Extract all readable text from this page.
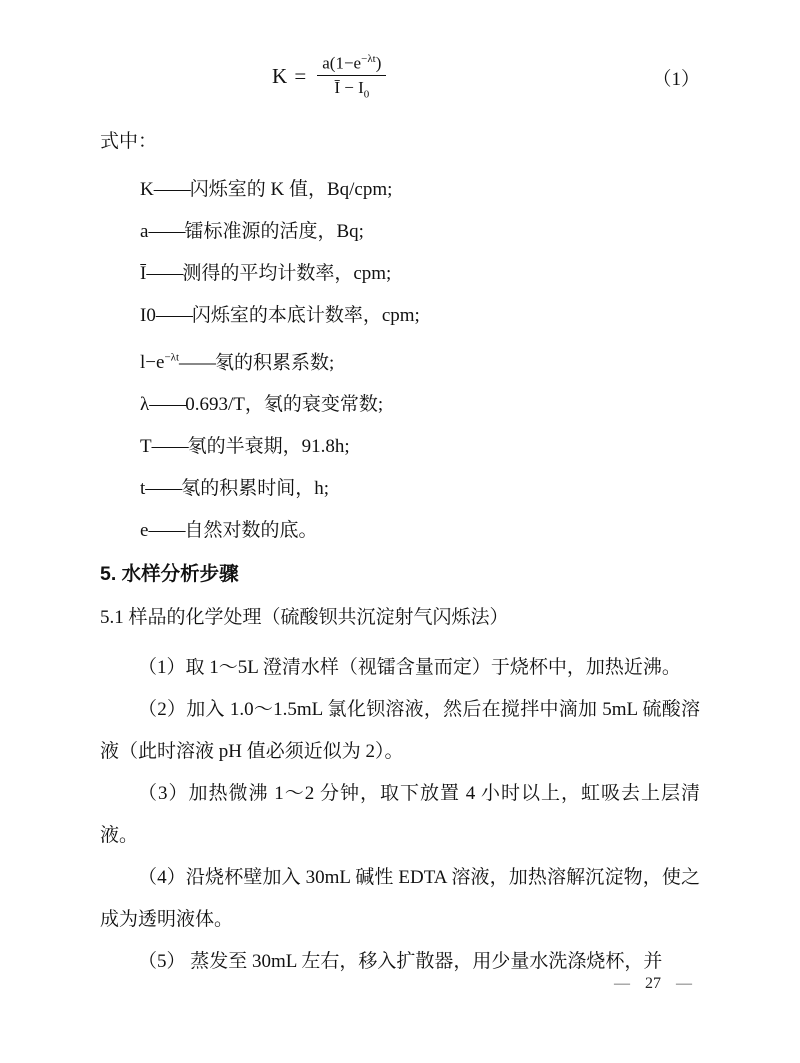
$K = \frac{a(1-e^{-\lambda t})}{Ī - I_0}$	（1）
式中：
K——闪烁室的 K 值，Bq/cpm;
a——镭标准源的活度，Bq;
Ī——测得的平均计数率，cpm;
I0——闪烁室的本底计数率，cpm;
$l-e^{-\lambda t}——$氡的积累系数;
λ——0.693/T，氡的衰变常数;
T——氡的半衰期，91.8h;
t——氡的积累时间，h;
e——自然对数的底。
5. 水样分析步骤
5.1 样品的化学处理（硫酸钡共沉淀射气闪烁法）

（1）取 1～5L 澄清水样（视镭含量而定）于烧杯中，加热近沸。

（2）加入 1.0～1.5mL 氯化钡溶液，然后在搅拌中滴加 5mL 硫酸溶液（此时溶液 pH 值必须近似为 2）。

（3）加热微沸 1～2 分钟，取下放置 4 小时以上，虹吸去上层清液。

（4）沿烧杯壁加入 30mL 碱性 EDTA 溶液，加热溶解沉淀物，使之成为透明液体。

（5） 蒸发至 30mL 左右，移入扩散器，用少量水洗涤烧杯，并

— 27 —
